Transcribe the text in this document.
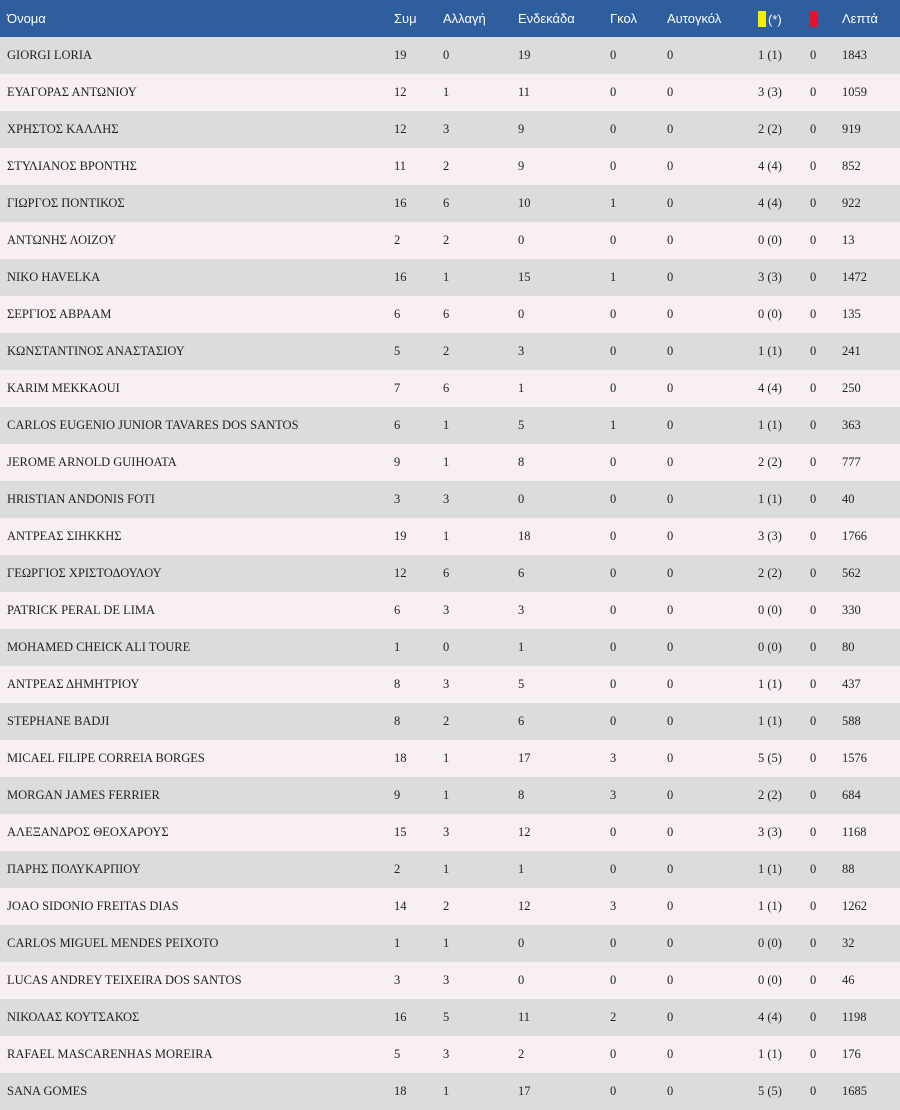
Όνομα	Συμ	Αλλαγή	Ενδεκάδα	Γκολ	Αυτογκόλ	(*)		Λεπτά
GIORGI LORIA	19	0	19	0	0	1 (1)	0	1843
ΕΥΑΓΟΡΑΣ ΑΝΤΩΝΙΟΥ	12	1	11	0	0	3 (3)	0	1059
ΧΡΗΣΤΟΣ ΚΑΛΛΗΣ	12	3	9	0	0	2 (2)	0	919
ΣΤΥΛΙΑΝΟΣ ΒΡΟΝΤΗΣ	11	2	9	0	0	4 (4)	0	852
ΓΙΩΡΓΟΣ ΠΟΝΤΙΚΟΣ	16	6	10	1	0	4 (4)	0	922
ΑΝΤΩΝΗΣ ΛΟΙΖΟΥ	2	2	0	0	0	0 (0)	0	13
NIKO HAVELKA	16	1	15	1	0	3 (3)	0	1472
ΣΕΡΓΙΟΣ ΑΒΡΑΑΜ	6	6	0	0	0	0 (0)	0	135
ΚΩΝΣΤΑΝΤΙΝΟΣ ΑΝΑΣΤΑΣΙΟΥ	5	2	3	0	0	1 (1)	0	241
KARIM MEKKAOUI	7	6	1	0	0	4 (4)	0	250
CARLOS EUGENIO JUNIOR TAVARES DOS SANTOS	6	1	5	1	0	1 (1)	0	363
JEROME ARNOLD GUIHOATA	9	1	8	0	0	2 (2)	0	777
HRISTIAN ANDONIS FOTI	3	3	0	0	0	1 (1)	0	40
ΑΝΤΡΕΑΣ ΣΙΗΚΚΗΣ	19	1	18	0	0	3 (3)	0	1766
ΓΕΩΡΓΙΟΣ ΧΡΙΣΤΟΔΟΥΛΟΥ	12	6	6	0	0	2 (2)	0	562
PATRICK PERAL DE LIMA	6	3	3	0	0	0 (0)	0	330
MOHAMED CHEICK ALI TOURE	1	0	1	0	0	0 (0)	0	80
ΑΝΤΡΕΑΣ ΔΗΜΗΤΡΙΟΥ	8	3	5	0	0	1 (1)	0	437
STEPHANE BADJI	8	2	6	0	0	1 (1)	0	588
MICAEL FILIPE CORREIA BORGES	18	1	17	3	0	5 (5)	0	1576
MORGAN JAMES FERRIER	9	1	8	3	0	2 (2)	0	684
ΑΛΕΞΑΝΔΡΟΣ ΘΕΟΧΑΡΟΥΣ	15	3	12	0	0	3 (3)	0	1168
ΠΑΡΗΣ ΠΟΛΥΚΑΡΠΙΟΥ	2	1	1	0	0	1 (1)	0	88
JOAO SIDONIO FREITAS DIAS	14	2	12	3	0	1 (1)	0	1262
CARLOS MIGUEL MENDES PEIXOTO	1	1	0	0	0	0 (0)	0	32
LUCAS ANDREY TEIXEIRA DOS SANTOS	3	3	0	0	0	0 (0)	0	46
ΝΙΚΟΛΑΣ ΚΟΥΤΣΑΚΟΣ	16	5	11	2	0	4 (4)	0	1198
RAFAEL MASCARENHAS MOREIRA	5	3	2	0	0	1 (1)	0	176
SANA GOMES	18	1	17	0	0	5 (5)	0	1685
